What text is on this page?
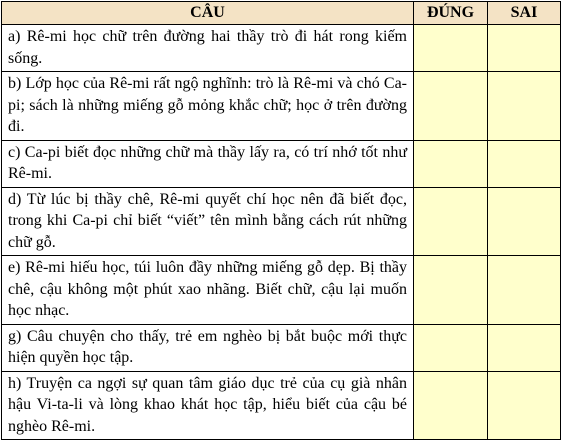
CÂU	ĐÚNG	SAI
a) Rê-mi học chữ trên đường hai thầy trò đi hát rong kiếm sống.		
b) Lớp học của Rê-mi rất ngộ nghĩnh: trò là Rê-mi và chó Ca-pi; sách là những miếng gỗ mỏng khắc chữ; học ở trên đường đi.		
c) Ca-pi biết đọc những chữ mà thầy lấy ra, có trí nhớ tốt như Rê-mi.		
d) Từ lúc bị thầy chê, Rê-mi quyết chí học nên đã biết đọc, trong khi Ca-pi chỉ biết “viết” tên mình bằng cách rút những chữ gỗ.		
e) Rê-mi hiếu học, túi luôn đầy những miếng gỗ dẹp. Bị thầy chê, cậu không một phút xao nhãng. Biết chữ, cậu lại muốn học nhạc.		
g) Câu chuyện cho thấy, trẻ em nghèo bị bắt buộc mới thực hiện quyền học tập.		
h) Truyện ca ngợi sự quan tâm giáo dục trẻ của cụ già nhân hậu Vi-ta-li và lòng khao khát học tập, hiểu biết của cậu bé nghèo Rê-mi.		
